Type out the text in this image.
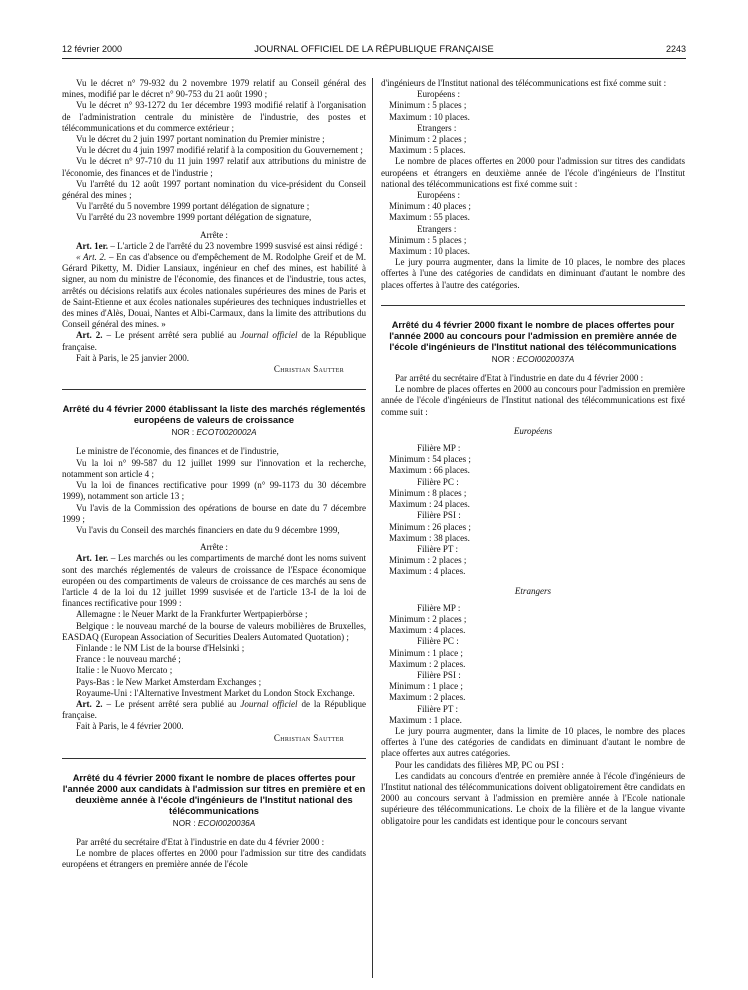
12 février 2000	JOURNAL OFFICIEL DE LA RÉPUBLIQUE FRANÇAISE	2243

Vu le décret n° 79-932 du 2 novembre 1979 relatif au Conseil général des mines, modifié par le décret n° 90-753 du 21 août 1990 ;

Vu le décret n° 93-1272 du 1er décembre 1993 modifié relatif à l'organisation de l'administration centrale du ministère de l'industrie, des postes et télécommunications et du commerce extérieur ;

Vu le décret du 2 juin 1997 portant nomination du Premier ministre ;

Vu le décret du 4 juin 1997 modifié relatif à la composition du Gouvernement ;

Vu le décret n° 97-710 du 11 juin 1997 relatif aux attributions du ministre de l'économie, des finances et de l'industrie ;

Vu l'arrêté du 12 août 1997 portant nomination du vice-président du Conseil général des mines ;

Vu l'arrêté du 5 novembre 1999 portant délégation de signature ;

Vu l'arrêté du 23 novembre 1999 portant délégation de signature,

Arrête :

Art. 1er. – L'article 2 de l'arrêté du 23 novembre 1999 susvisé est ainsi rédigé :

« Art. 2. – En cas d'absence ou d'empêchement de M. Rodolphe Greif et de M. Gérard Piketty, M. Didier Lansiaux, ingénieur en chef des mines, est habilité à signer, au nom du ministre de l'économie, des finances et de l'industrie, tous actes, arrêtés ou décisions relatifs aux écoles nationales supérieures des mines de Paris et de Saint-Etienne et aux écoles nationales supérieures des techniques industrielles et des mines d'Alès, Douai, Nantes et Albi-Carmaux, dans la limite des attributions du Conseil général des mines. »

Art. 2. – Le présent arrêté sera publié au Journal officiel de la République française.

Fait à Paris, le 25 janvier 2000.

Christian Sautter

Arrêté du 4 février 2000 établissant la liste des marchés réglementés européens de valeurs de croissance

NOR : ECOT0020002A

Le ministre de l'économie, des finances et de l'industrie,

Vu la loi n° 99-587 du 12 juillet 1999 sur l'innovation et la recherche, notamment son article 4 ;

Vu la loi de finances rectificative pour 1999 (n° 99-1173 du 30 décembre 1999), notamment son article 13 ;

Vu l'avis de la Commission des opérations de bourse en date du 7 décembre 1999 ;

Vu l'avis du Conseil des marchés financiers en date du 9 décembre 1999,

Arrête :

Art. 1er. – Les marchés ou les compartiments de marché dont les noms suivent sont des marchés réglementés de valeurs de croissance de l'Espace économique européen ou des compartiments de valeurs de croissance de ces marchés au sens de l'article 4 de la loi du 12 juillet 1999 susvisée et de l'article 13-I de la loi de finances rectificative pour 1999 :

Allemagne : le Neuer Markt de la Frankfurter Wertpapierbörse ;

Belgique : le nouveau marché de la bourse de valeurs mobilières de Bruxelles, EASDAQ (European Association of Securities Dealers Automated Quotation) ;

Finlande : le NM List de la bourse d'Helsinki ;

France : le nouveau marché ;

Italie : le Nuovo Mercato ;

Pays-Bas : le New Market Amsterdam Exchanges ;

Royaume-Uni : l'Alternative Investment Market du London Stock Exchange.

Art. 2. – Le présent arrêté sera publié au Journal officiel de la République française.

Fait à Paris, le 4 février 2000.

Christian Sautter

Arrêté du 4 février 2000 fixant le nombre de places offertes pour l'année 2000 aux candidats à l'admission sur titres en première et en deuxième année à l'école d'ingénieurs de l'Institut national des télécommunications

NOR : ECOI0020036A

Par arrêté du secrétaire d'Etat à l'industrie en date du 4 février 2000 :

Le nombre de places offertes en 2000 pour l'admission sur titre des candidats européens et étrangers en première année de l'école

d'ingénieurs de l'Institut national des télécommunications est fixé comme suit :

Européens :

Minimum : 5 places ;

Maximum : 10 places.

Etrangers :

Minimum : 2 places ;

Maximum : 5 places.

Le nombre de places offertes en 2000 pour l'admission sur titres des candidats européens et étrangers en deuxième année de l'école d'ingénieurs de l'Institut national des télécommunications est fixé comme suit :

Européens :

Minimum : 40 places ;

Maximum : 55 places.

Etrangers :

Minimum : 5 places ;

Maximum : 10 places.

Le jury pourra augmenter, dans la limite de 10 places, le nombre des places offertes à l'une des catégories de candidats en diminuant d'autant le nombre des places offertes à l'autre des catégories.

Arrêté du 4 février 2000 fixant le nombre de places offertes pour l'année 2000 au concours pour l'admission en première année de l'école d'ingénieurs de l'Institut national des télécommunications

NOR : ECOI0020037A

Par arrêté du secrétaire d'Etat à l'industrie en date du 4 février 2000 :

Le nombre de places offertes en 2000 au concours pour l'admission en première année de l'école d'ingénieurs de l'Institut national des télécommunications est fixé comme suit :

Européens

Filière MP :

Minimum : 54 places ;

Maximum : 66 places.

Filière PC :

Minimum : 8 places ;

Maximum : 24 places.

Filière PSI :

Minimum : 26 places ;

Maximum : 38 places.

Filière PT :

Minimum : 2 places ;

Maximum : 4 places.

Etrangers

Filière MP :

Minimum : 2 places ;

Maximum : 4 places.

Filière PC :

Minimum : 1 place ;

Maximum : 2 places.

Filière PSI :

Minimum : 1 place ;

Maximum : 2 places.

Filière PT :

Maximum : 1 place.

Le jury pourra augmenter, dans la limite de 10 places, le nombre des places offertes à l'une des catégories de candidats en diminuant d'autant le nombre de place offertes aux autres catégories.

Pour les candidats des filières MP, PC ou PSI :

Les candidats au concours d'entrée en première année à l'école d'ingénieurs de l'Institut national des télécommunications doivent obligatoirement être candidats en 2000 au concours servant à l'admission en première année à l'Ecole nationale supérieure des télécommunications. Le choix de la filière et de la langue vivante obligatoire pour les candidats est identique pour le concours servant
